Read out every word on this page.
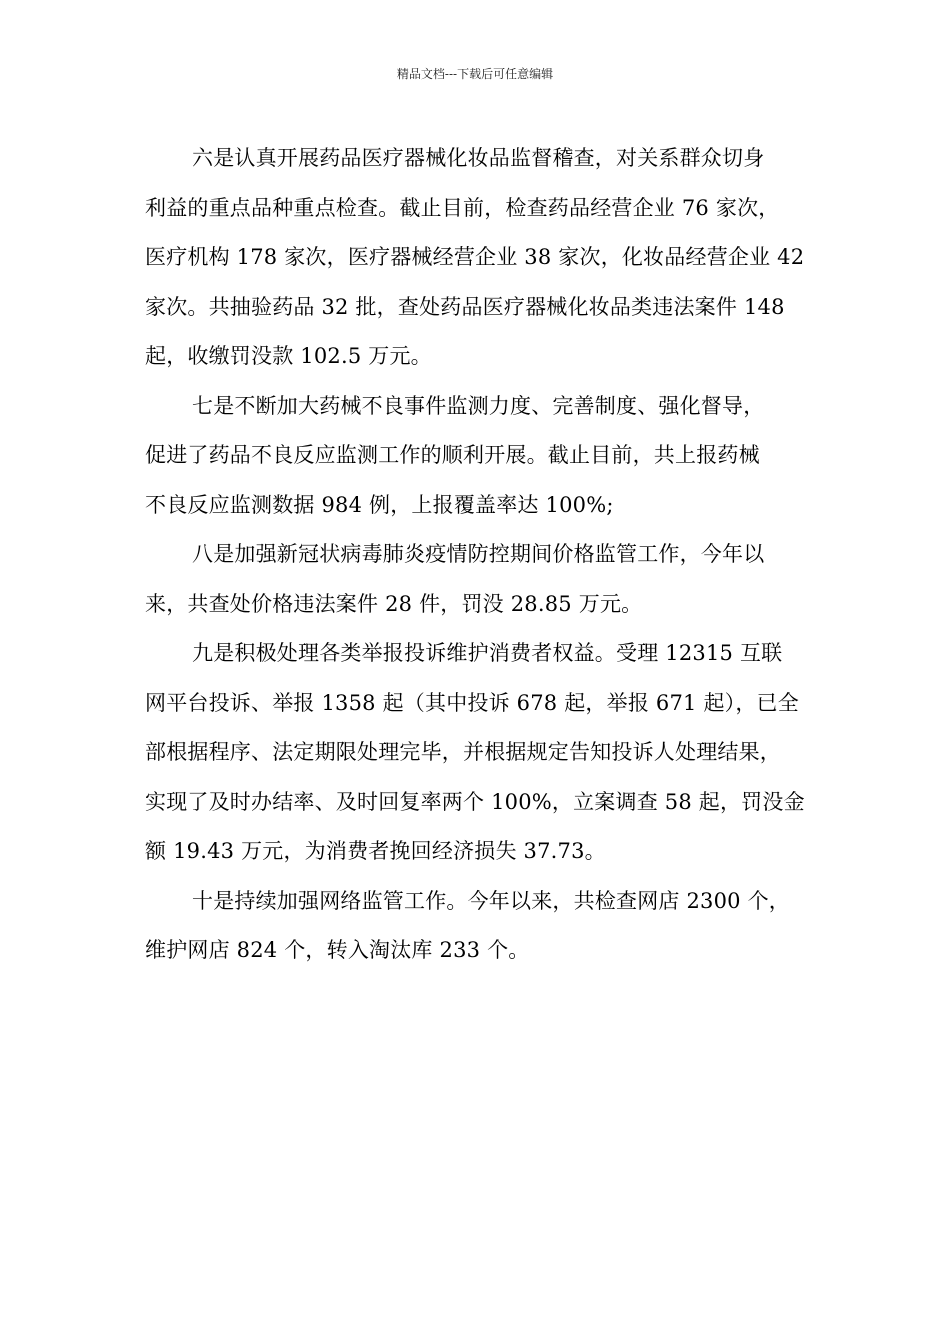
精品文档---下载后可任意编辑

六是认真开展药品医疗器械化妆品监督稽查，对关系群众切身
利益的重点品种重点检查。截止目前，检查药品经营企业 76 家次，
医疗机构 178 家次，医疗器械经营企业 38 家次，化妆品经营企业 42
家次。共抽验药品 32 批，查处药品医疗器械化妆品类违法案件 148
起，收缴罚没款 102.5 万元。

七是不断加大药械不良事件监测力度、完善制度、强化督导，
促进了药品不良反应监测工作的顺利开展。截止目前，共上报药械
不良反应监测数据 984 例，上报覆盖率达 100%;

八是加强新冠状病毒肺炎疫情防控期间价格监管工作，今年以
来，共查处价格违法案件 28 件，罚没 28.85 万元。

九是积极处理各类举报投诉维护消费者权益。受理 12315 互联
网平台投诉、举报 1358 起（其中投诉 678 起，举报 671 起），已全
部根据程序、法定期限处理完毕，并根据规定告知投诉人处理结果，
实现了及时办结率、及时回复率两个 100%，立案调查 58 起，罚没金
额 19.43 万元，为消费者挽回经济损失 37.73。

十是持续加强网络监管工作。今年以来，共检查网店 2300 个，
维护网店 824 个，转入淘汰库 233 个。
